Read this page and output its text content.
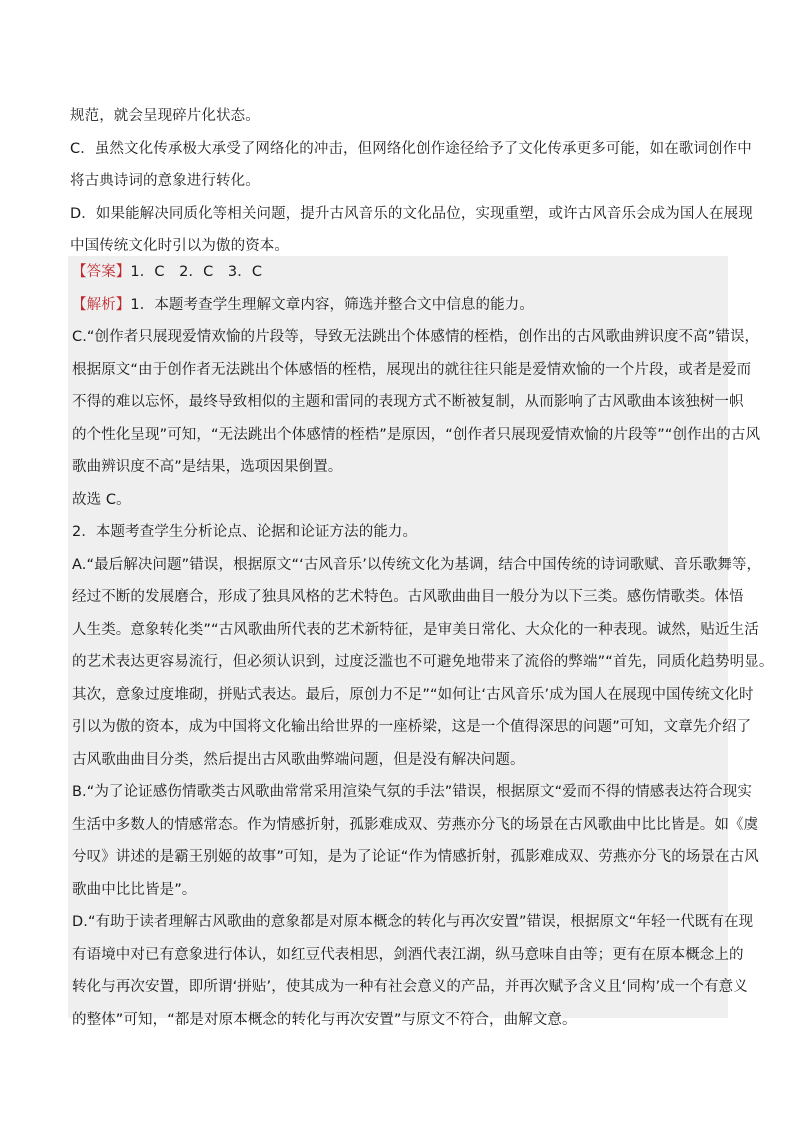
规范，就会呈现碎片化状态。
C．虽然文化传承极大承受了网络化的冲击，但网络化创作途径给予了文化传承更多可能，如在歌词创作中
将古典诗词的意象进行转化。
D．如果能解决同质化等相关问题，提升古风音乐的文化品位，实现重塑，或许古风音乐会成为国人在展现
中国传统文化时引以为傲的资本。
【答案】1．C　2．C　3．C
【解析】1．本题考查学生理解文章内容，筛选并整合文中信息的能力。
C.“创作者只展现爱情欢愉的片段等，导致无法跳出个体感情的桎梏，创作出的古风歌曲辨识度不高”错误，
根据原文“由于创作者无法跳出个体感悟的桎梏，展现出的就往往只能是爱情欢愉的一个片段，或者是爱而
不得的难以忘怀，最终导致相似的主题和雷同的表现方式不断被复制，从而影响了古风歌曲本该独树一帜
的个性化呈现”可知，“无法跳出个体感情的桎梏”是原因，“创作者只展现爱情欢愉的片段等”“创作出的古风
歌曲辨识度不高”是结果，选项因果倒置。
故选 C。
2．本题考查学生分析论点、论据和论证方法的能力。
A.“最后解决问题”错误，根据原文“‘古风音乐’以传统文化为基调，结合中国传统的诗词歌赋、音乐歌舞等，
经过不断的发展磨合，形成了独具风格的艺术特色。古风歌曲曲目一般分为以下三类。感伤情歌类。体悟
人生类。意象转化类”“古风歌曲所代表的艺术新特征，是审美日常化、大众化的一种表现。诚然，贴近生活
的艺术表达更容易流行，但必须认识到，过度泛滥也不可避免地带来了流俗的弊端”“首先，同质化趋势明显。
其次，意象过度堆砌，拼贴式表达。最后，原创力不足”“如何让‘古风音乐’成为国人在展现中国传统文化时
引以为傲的资本，成为中国将文化输出给世界的一座桥梁，这是一个值得深思的问题”可知，文章先介绍了
古风歌曲曲目分类，然后提出古风歌曲弊端问题，但是没有解决问题。
B.“为了论证感伤情歌类古风歌曲常常采用渲染气氛的手法”错误，根据原文“爱而不得的情感表达符合现实
生活中多数人的情感常态。作为情感折射，孤影难成双、劳燕亦分飞的场景在古风歌曲中比比皆是。如《虞
兮叹》讲述的是霸王别姬的故事”可知，是为了论证“作为情感折射，孤影难成双、劳燕亦分飞的场景在古风
歌曲中比比皆是”。
D.“有助于读者理解古风歌曲的意象都是对原本概念的转化与再次安置”错误，根据原文“年轻一代既有在现
有语境中对已有意象进行体认，如红豆代表相思，剑酒代表江湖，纵马意味自由等；更有在原本概念上的
转化与再次安置，即所谓‘拼贴’，使其成为一种有社会意义的产品，并再次赋予含义且‘同构’成一个有意义
的整体”可知，“都是对原本概念的转化与再次安置”与原文不符合，曲解文意。
